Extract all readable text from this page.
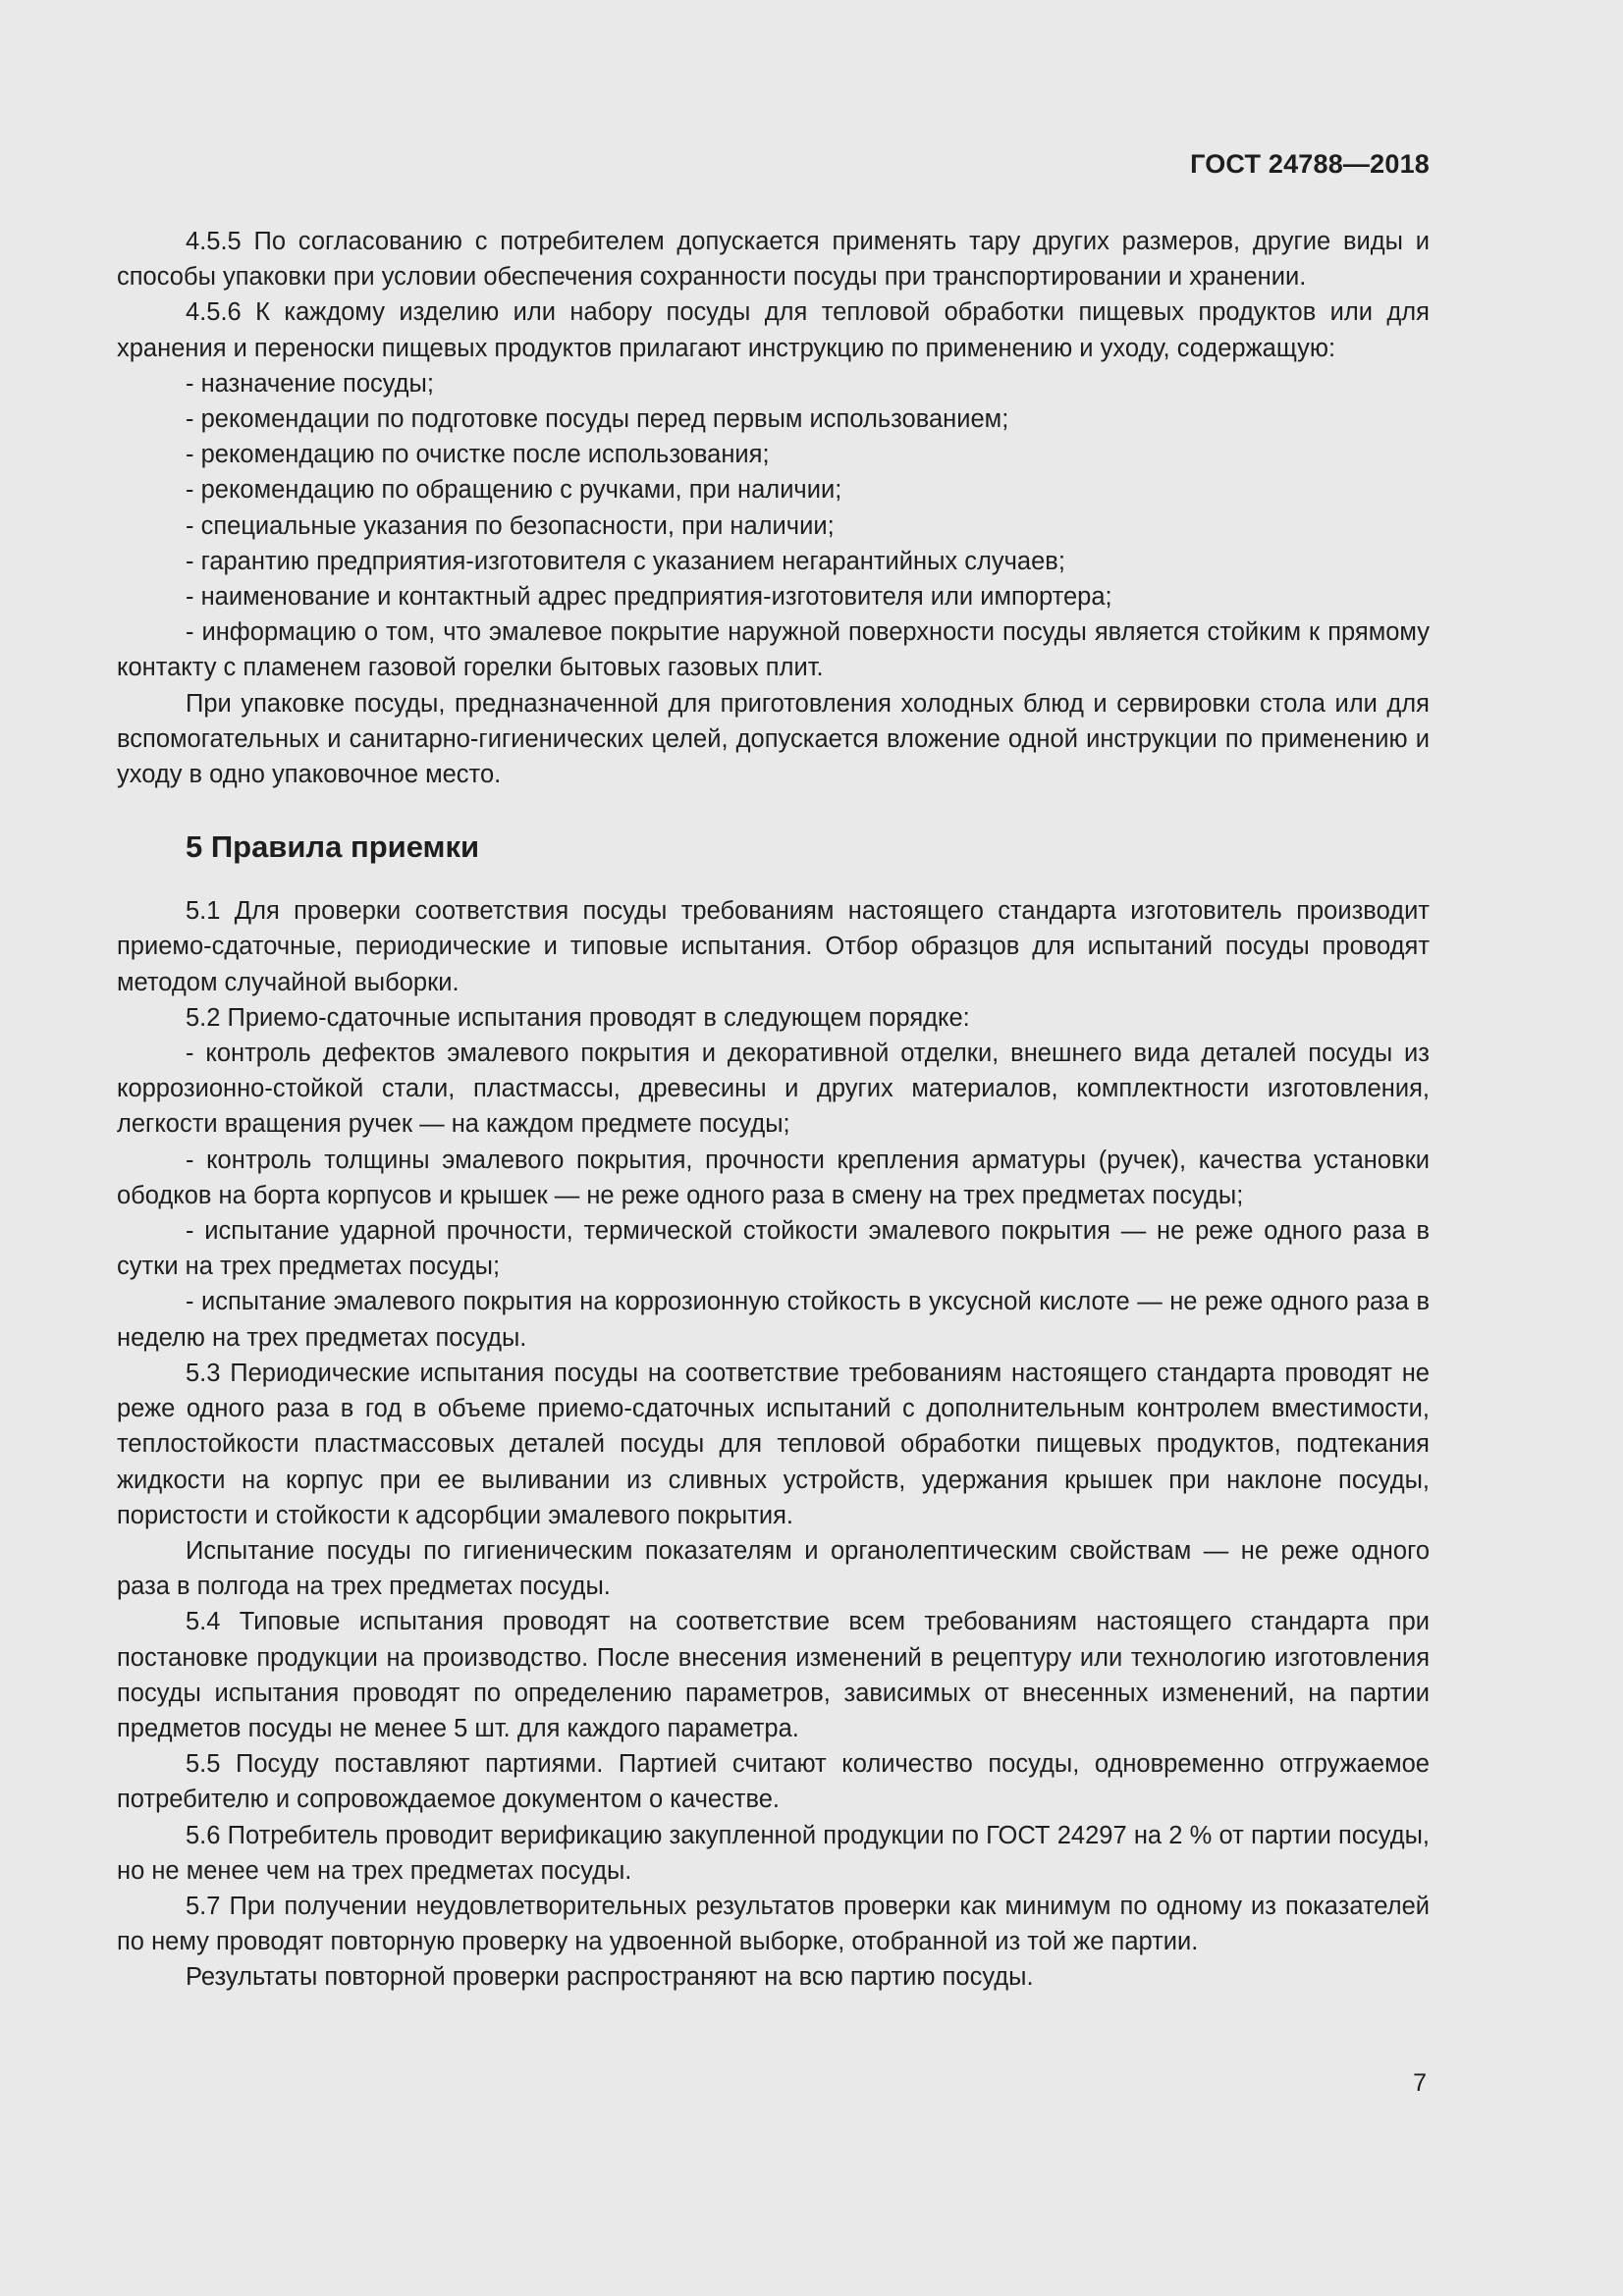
ГОСТ 24788—2018

4.5.5 По согласованию с потребителем допускается применять тару других размеров, другие виды и способы упаковки при условии обеспечения сохранности посуды при транспортировании и хранении.

4.5.6 К каждому изделию или набору посуды для тепловой обработки пищевых продуктов или для хранения и переноски пищевых продуктов прилагают инструкцию по применению и уходу, содержащую:

- назначение посуды;

- рекомендации по подготовке посуды перед первым использованием;

- рекомендацию по очистке после использования;

- рекомендацию по обращению с ручками, при наличии;

- специальные указания по безопасности, при наличии;

- гарантию предприятия-изготовителя с указанием негарантийных случаев;

- наименование и контактный адрес предприятия-изготовителя или импортера;

- информацию о том, что эмалевое покрытие наружной поверхности посуды является стойким к прямому контакту с пламенем газовой горелки бытовых газовых плит.

При упаковке посуды, предназначенной для приготовления холодных блюд и сервировки стола или для вспомогательных и санитарно-гигиенических целей, допускается вложение одной инструкции по применению и уходу в одно упаковочное место.

5 Правила приемки

5.1 Для проверки соответствия посуды требованиям настоящего стандарта изготовитель производит приемо-сдаточные, периодические и типовые испытания. Отбор образцов для испытаний посуды проводят методом случайной выборки.

5.2 Приемо-сдаточные испытания проводят в следующем порядке:

- контроль дефектов эмалевого покрытия и декоративной отделки, внешнего вида деталей посуды из коррозионно-стойкой стали, пластмассы, древесины и других материалов, комплектности изготовления, легкости вращения ручек — на каждом предмете посуды;

- контроль толщины эмалевого покрытия, прочности крепления арматуры (ручек), качества установки ободков на борта корпусов и крышек — не реже одного раза в смену на трех предметах посуды;

- испытание ударной прочности, термической стойкости эмалевого покрытия — не реже одного раза в сутки на трех предметах посуды;

- испытание эмалевого покрытия на коррозионную стойкость в уксусной кислоте — не реже одного раза в неделю на трех предметах посуды.

5.3 Периодические испытания посуды на соответствие требованиям настоящего стандарта проводят не реже одного раза в год в объеме приемо-сдаточных испытаний с дополнительным контролем вместимости, теплостойкости пластмассовых деталей посуды для тепловой обработки пищевых продуктов, подтекания жидкости на корпус при ее выливании из сливных устройств, удержания крышек при наклоне посуды, пористости и стойкости к адсорбции эмалевого покрытия.

Испытание посуды по гигиеническим показателям и органолептическим свойствам — не реже одного раза в полгода на трех предметах посуды.

5.4 Типовые испытания проводят на соответствие всем требованиям настоящего стандарта при постановке продукции на производство. После внесения изменений в рецептуру или технологию изготовления посуды испытания проводят по определению параметров, зависимых от внесенных изменений, на партии предметов посуды не менее 5 шт. для каждого параметра.

5.5 Посуду поставляют партиями. Партией считают количество посуды, одновременно отгружаемое потребителю и сопровождаемое документом о качестве.

5.6 Потребитель проводит верификацию закупленной продукции по ГОСТ 24297 на 2 % от партии посуды, но не менее чем на трех предметах посуды.

5.7 При получении неудовлетворительных результатов проверки как минимум по одному из показателей по нему проводят повторную проверку на удвоенной выборке, отобранной из той же партии.

Результаты повторной проверки распространяют на всю партию посуды.

7
